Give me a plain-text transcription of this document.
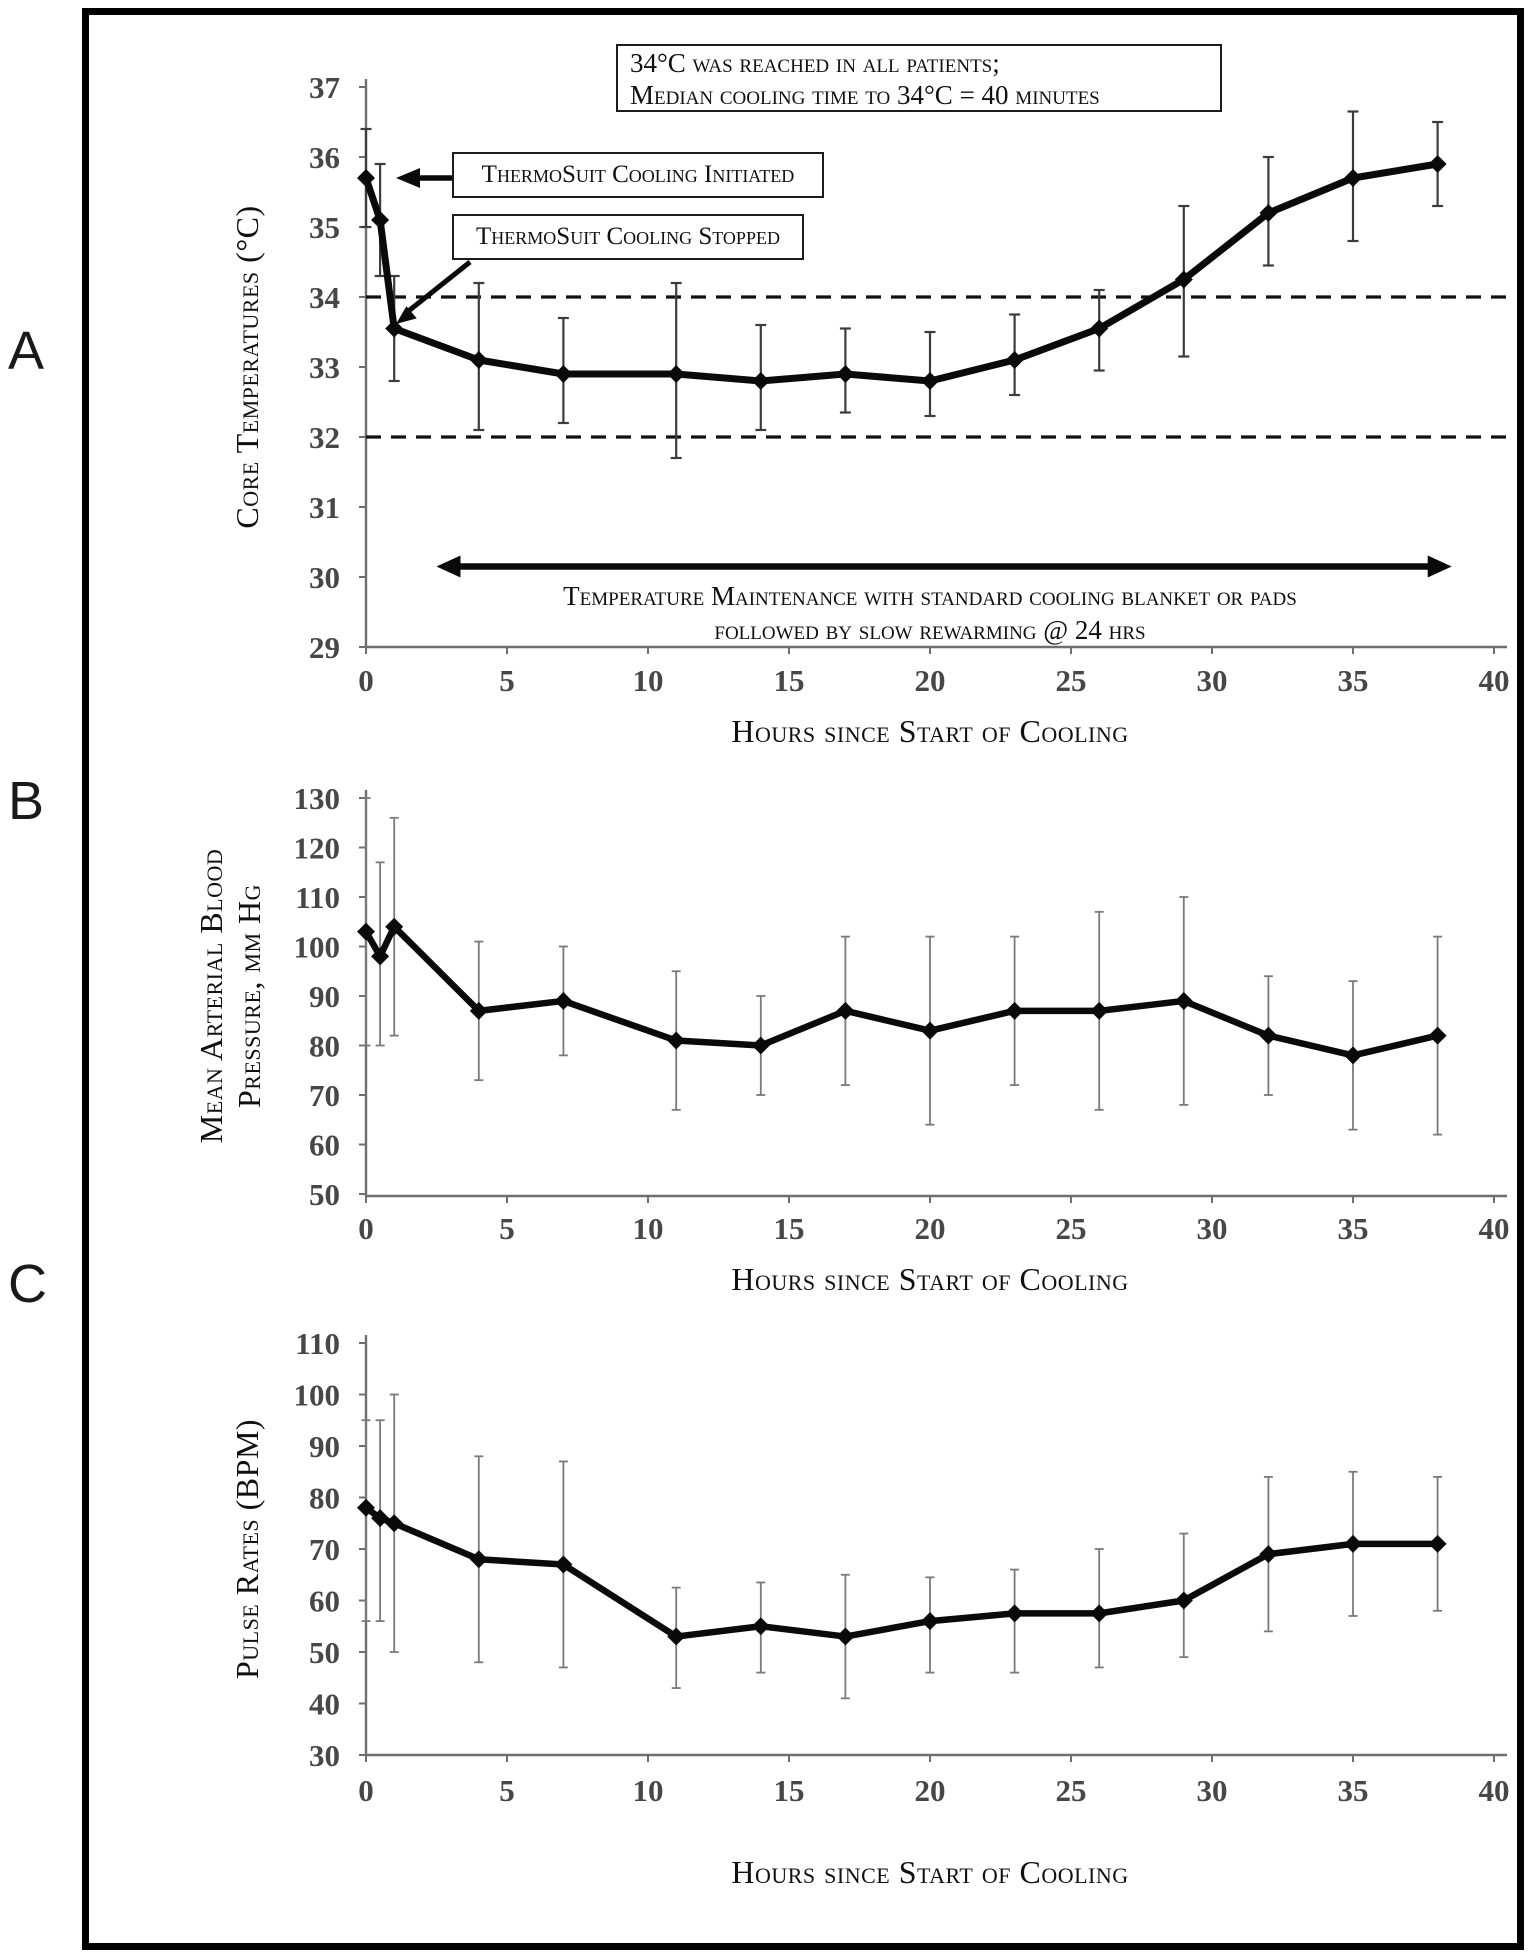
A
B
C
29
30
31
32
33
34
35
36
37
0	5	10	15	20	25	30	35	40
50
60
70
80
90
100
110
120
130
0	5	10	15	20	25	30	35	40
30
40
50
60
70
80
90
100
110
0	5	10	15	20	25	30	35	40
Core Temperatures (°C)
Hours since Start of Cooling
Mean Arterial Blood Pressure, mm Hg
Hours since Start of Cooling
Pulse Rates (BPM)
Hours since Start of Cooling
34°C was reached in all patients;
Median cooling time to 34°C = 40 minutes
ThermoSuit Cooling Initiated
ThermoSuit Cooling Stopped
Temperature Maintenance with standard cooling blanket or pads
followed by slow rewarming @ 24 hrs
